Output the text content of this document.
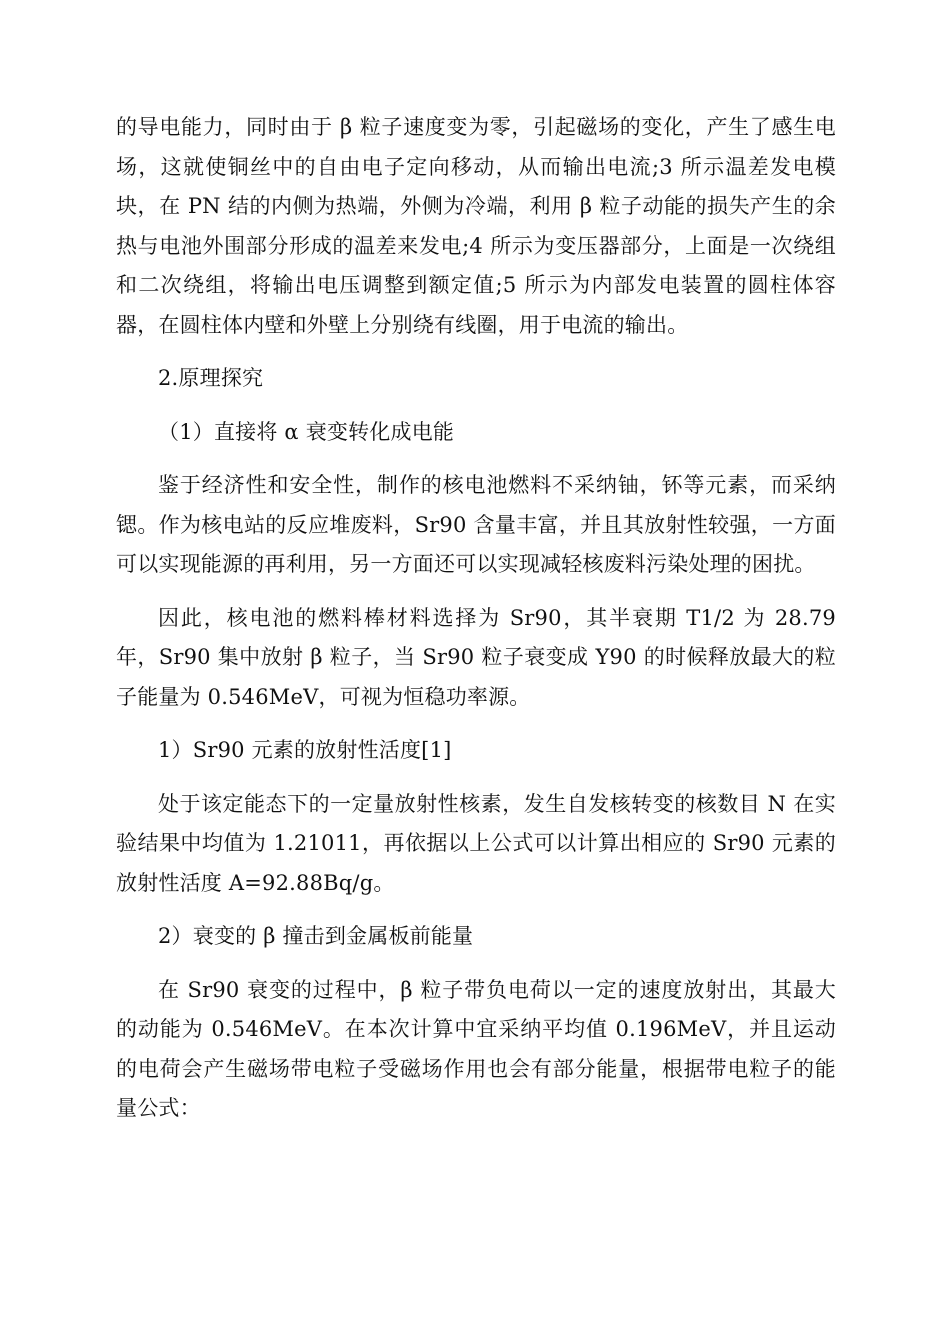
的导电能力，同时由于 β 粒子速度变为零，引起磁场的变化，产生了感生电场，这就使铜丝中的自由电子定向移动，从而输出电流;3 所示温差发电模块，在 PN 结的内侧为热端，外侧为冷端，利用 β 粒子动能的损失产生的余热与电池外围部分形成的温差来发电;4 所示为变压器部分，上面是一次绕组和二次绕组，将输出电压调整到额定值;5 所示为内部发电装置的圆柱体容器，在圆柱体内壁和外壁上分别绕有线圈，用于电流的输出。

2.原理探究

（1）直接将 α 衰变转化成电能

鉴于经济性和安全性，制作的核电池燃料不采纳铀，钚等元素，而采纳锶。作为核电站的反应堆废料，Sr90 含量丰富，并且其放射性较强，一方面可以实现能源的再利用，另一方面还可以实现减轻核废料污染处理的困扰。

因此，核电池的燃料棒材料选择为 Sr90，其半衰期 T1/2 为 28.79 年，Sr90 集中放射 β 粒子，当 Sr90 粒子衰变成 Y90 的时候释放最大的粒子能量为 0.546MeV，可视为恒稳功率源。

1）Sr90 元素的放射性活度[1]

处于该定能态下的一定量放射性核素，发生自发核转变的核数目 N 在实验结果中均值为 1.21011，再依据以上公式可以计算出相应的 Sr90 元素的放射性活度 A=92.88Bq/g。

2）衰变的 β 撞击到金属板前能量

在 Sr90 衰变的过程中，β 粒子带负电荷以一定的速度放射出，其最大的动能为 0.546MeV。在本次计算中宜采纳平均值 0.196MeV，并且运动的电荷会产生磁场带电粒子受磁场作用也会有部分能量，根据带电粒子的能量公式：
